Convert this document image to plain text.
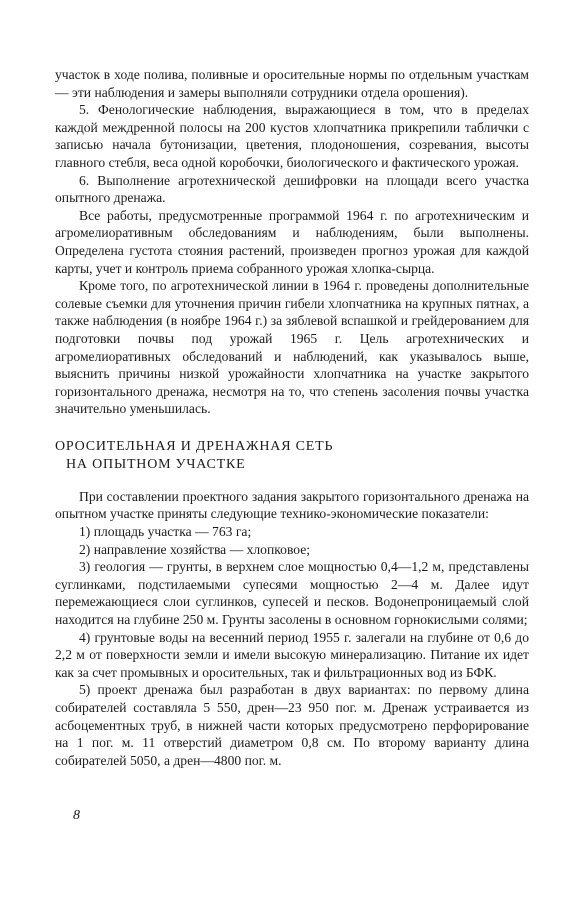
участок в ходе полива, поливные и оросительные нормы по отдельным участкам — эти наблюдения и замеры выполняли сотрудники отдела орошения).

5. Фенологические наблюдения, выражающиеся в том, что в пределах каждой междренной полосы на 200 кустов хлопчатника прикрепили таблички с записью начала бутонизации, цветения, плодоношения, созревания, высоты главного стебля, веса одной коробочки, биологического и фактического урожая.

6. Выполнение агротехнической дешифровки на площади всего участка опытного дренажа.

Все работы, предусмотренные программой 1964 г. по агротехническим и агромелиоративным обследованиям и наблюдениям, были выполнены. Определена густота стояния растений, произведен прогноз урожая для каждой карты, учет и контроль приема собранного урожая хлопка-сырца.

Кроме того, по агротехнической линии в 1964 г. проведены дополнительные солевые съемки для уточнения причин гибели хлопчатника на крупных пятнах, а также наблюдения (в ноябре 1964 г.) за зяблевой вспашкой и грейдерованием для подготовки почвы под урожай 1965 г. Цель агротехнических и агромелиоративных обследований и наблюдений, как указывалось выше, выяснить причины низкой урожайности хлопчатника на участке закрытого горизонтального дренажа, несмотря на то, что степень засоления почвы участка значительно уменьшилась.

ОРОСИТЕЛЬНАЯ И ДРЕНАЖНАЯ СЕТЬ
НА ОПЫТНОМ УЧАСТКЕ

При составлении проектного задания закрытого горизонтального дренажа на опытном участке приняты следующие технико-экономические показатели:

1) площадь участка — 763 га;

2) направление хозяйства — хлопковое;

3) геология — грунты, в верхнем слое мощностью 0,4—1,2 м, представлены суглинками, подстилаемыми супесями мощностью 2—4 м. Далее идут перемежающиеся слои суглинков, супесей и песков. Водонепроницаемый слой находится на глубине 250 м. Грунты засолены в основном горнокислыми солями;

4) грунтовые воды на весенний период 1955 г. залегали на глубине от 0,6 до 2,2 м от поверхности земли и имели высокую минерализацию. Питание их идет как за счет промывных и оросительных, так и фильтрационных вод из БФК.

5) проект дренажа был разработан в двух вариантах: по первому длина собирателей составляла 5 550, дрен—23 950 пог. м. Дренаж устраивается из асбоцементных труб, в нижней части которых предусмотрено перфорирование на 1 пог. м. 11 отверстий диаметром 0,8 см. По второму варианту длина собирателей 5050, а дрен—4800 пог. м.

8
